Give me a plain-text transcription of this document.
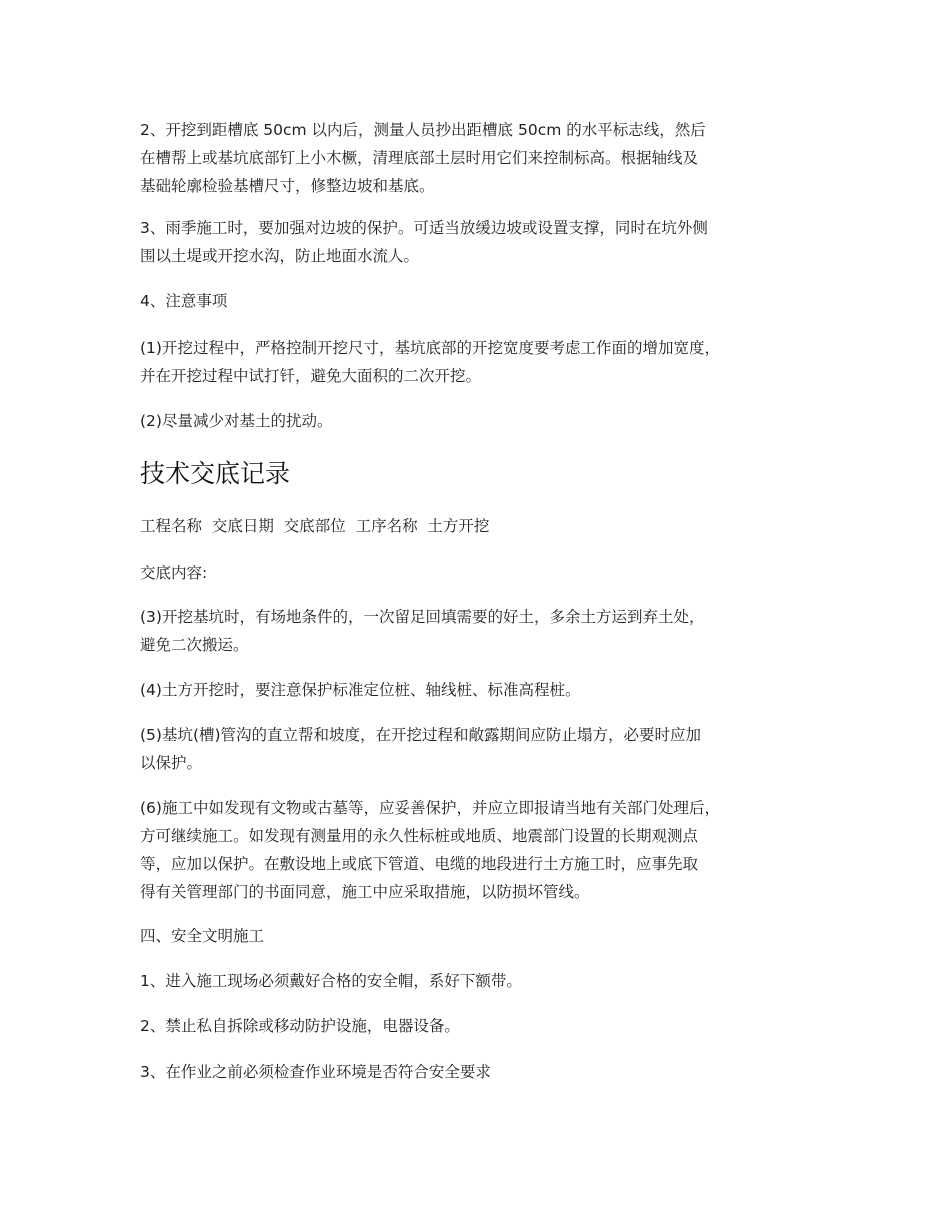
2、开挖到距槽底 50cm 以内后，测量人员抄出距槽底 50cm 的水平标志线，然后
在槽帮上或基坑底部钉上小木橛，清理底部土层时用它们来控制标高。根据轴线及
基础轮廓检验基槽尺寸，修整边坡和基底。

3、雨季施工时，要加强对边坡的保护。可适当放缓边坡或设置支撑，同时在坑外侧
围以土堤或开挖水沟，防止地面水流人。

4、注意事项

(1)开挖过程中，严格控制开挖尺寸，基坑底部的开挖宽度要考虑工作面的增加宽度，
并在开挖过程中试打钎，避免大面积的二次开挖。

(2)尽量减少对基土的扰动。

技术交底记录

工程名称  交底日期  交底部位  工序名称  土方开挖

交底内容:

(3)开挖基坑时，有场地条件的，一次留足回填需要的好土，多余土方运到弃土处，
避免二次搬运。

(4)土方开挖时，要注意保护标准定位桩、轴线桩、标准高程桩。

(5)基坑(槽)管沟的直立帮和坡度，在开挖过程和敞露期间应防止塌方，必要时应加
以保护。

(6)施工中如发现有文物或古墓等，应妥善保护，并应立即报请当地有关部门处理后，
方可继续施工。如发现有测量用的永久性标桩或地质、地震部门设置的长期观测点
等，应加以保护。在敷设地上或底下管道、电缆的地段进行土方施工时，应事先取
得有关管理部门的书面同意，施工中应采取措施，以防损坏管线。

四、安全文明施工

1、进入施工现场必须戴好合格的安全帽，系好下额带。

2、禁止私自拆除或移动防护设施，电器设备。

3、在作业之前必须检查作业环境是否符合安全要求
